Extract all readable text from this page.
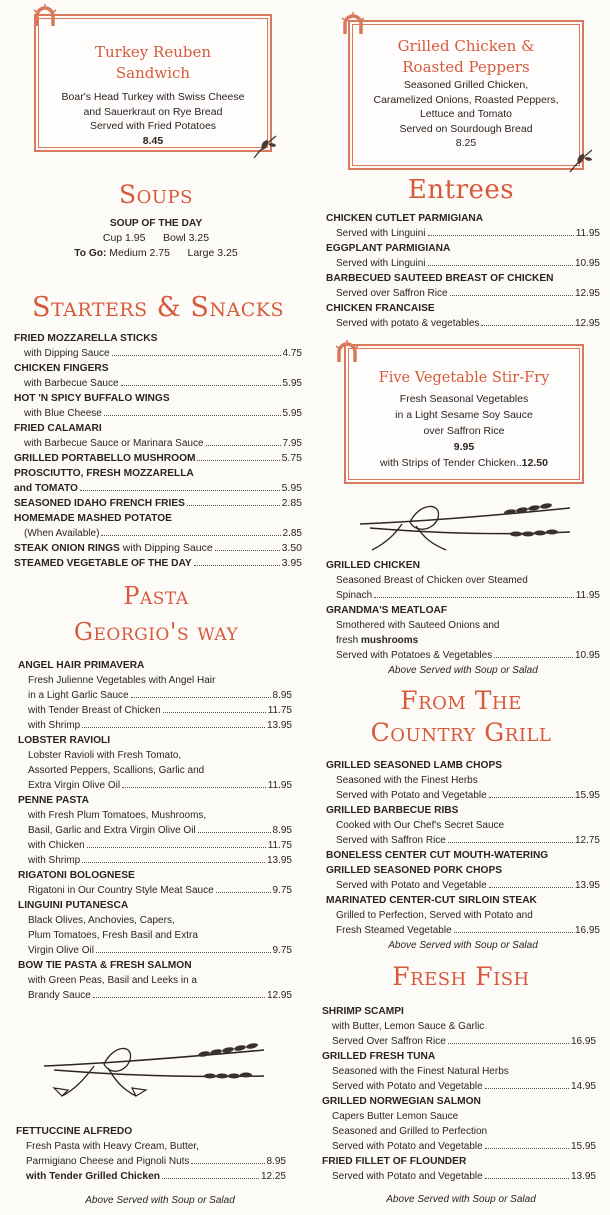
Turkey Reuben
Sandwich
Boar's Head Turkey with Swiss Cheese
and Sauerkraut on Rye Bread
Served with Fried Potatoes
8.45
Soups
SOUP OF THE DAY
Cup 1.95      Bowl 3.25
To Go: Medium 2.75      Large 3.25
Starters & Snacks
FRIED MOZZARELLA STICKS
with Dipping Sauce	4.75
CHICKEN FINGERS
with Barbecue Sauce	5.95
HOT 'N SPICY BUFFALO WINGS
with Blue Cheese	5.95
FRIED CALAMARI
with Barbecue Sauce or Marinara Sauce	7.95
GRILLED PORTABELLO MUSHROOM	5.75
PROSCIUTTO, FRESH MOZZARELLA
and TOMATO	5.95
SEASONED IDAHO FRENCH FRIES	2.85
HOMEMADE MASHED POTATOE
(When Available)	2.85
STEAK ONION RINGS with Dipping Sauce	3.50
STEAMED VEGETABLE OF THE DAY	3.95
Pasta
Georgio's way
ANGEL HAIR PRIMAVERA
Fresh Julienne Vegetables with Angel Hair
in a Light Garlic Sauce	8.95
with Tender Breast of Chicken	11.75
with Shrimp	13.95
LOBSTER RAVIOLI
Lobster Ravioli with Fresh Tomato,
Assorted Peppers, Scallions, Garlic and
Extra Virgin Olive Oil	11.95
PENNE PASTA
with Fresh Plum Tomatoes, Mushrooms,
Basil, Garlic and Extra Virgin Olive Oil	8.95
with Chicken	11.75
with Shrimp	13.95
RIGATONI BOLOGNESE
Rigatoni in Our Country Style Meat Sauce	9.75
LINGUINI PUTANESCA
Black Olives, Anchovies, Capers,
Plum Tomatoes, Fresh Basil and Extra
Virgin Olive Oil	9.75
BOW TIE PASTA & FRESH SALMON
with Green Peas, Basil and Leeks in a
Brandy Sauce	12.95
FETTUCCINE ALFREDO
Fresh Pasta with Heavy Cream, Butter,
Parmigiano Cheese and Pignoli Nuts	8.95
with Tender Grilled Chicken	12.25
Above Served with Soup or Salad
Grilled Chicken &
Roasted Peppers
Seasoned Grilled Chicken,
Caramelized Onions, Roasted Peppers,
Lettuce and Tomato
Served on Sourdough Bread
8.25
Entrees
CHICKEN CUTLET PARMIGIANA
Served with Linguini	11.95
EGGPLANT PARMIGIANA
Served with Linguini	10.95
BARBECUED SAUTEED BREAST OF CHICKEN
Served over Saffron Rice	12.95
CHICKEN FRANCAISE
Served with potato & vegetables	12.95
Five Vegetable Stir-Fry
Fresh Seasonal Vegetables
in a Light Sesame Soy Sauce
over Saffron Rice
9.95
with Strips of Tender Chicken..12.50
GRILLED CHICKEN
Seasoned Breast of Chicken over Steamed
Spinach	11.95
GRANDMA'S MEATLOAF
Smothered with Sauteed Onions and
fresh mushrooms
Served with Potatoes & Vegetables	10.95
Above Served with Soup or Salad
From The
Country Grill
GRILLED SEASONED LAMB CHOPS
Seasoned with the Finest Herbs
Served with Potato and Vegetable	15.95
GRILLED BARBECUE RIBS
Cooked with Our Chef's Secret Sauce
Served with Saffron Rice	12.75
BONELESS CENTER CUT MOUTH-WATERING
GRILLED SEASONED PORK CHOPS
Served with Potato and Vegetable	13.95
MARINATED CENTER-CUT SIRLOIN STEAK
Grilled to Perfection, Served with Potato and
Fresh Steamed Vegetable	16.95
Above Served with Soup or Salad
Fresh Fish
SHRIMP SCAMPI
with Butter, Lemon Sauce & Garlic
Served Over Saffron Rice	16.95
GRILLED FRESH TUNA
Seasoned with the Finest Natural Herbs
Served with Potato and Vegetable	14.95
GRILLED NORWEGIAN SALMON
Capers Butter Lemon Sauce
Seasoned and Grilled to Perfection
Served with Potato and Vegetable	15.95
FRIED FILLET OF FLOUNDER
Served with Potato and Vegetable	13.95
Above Served with Soup or Salad
